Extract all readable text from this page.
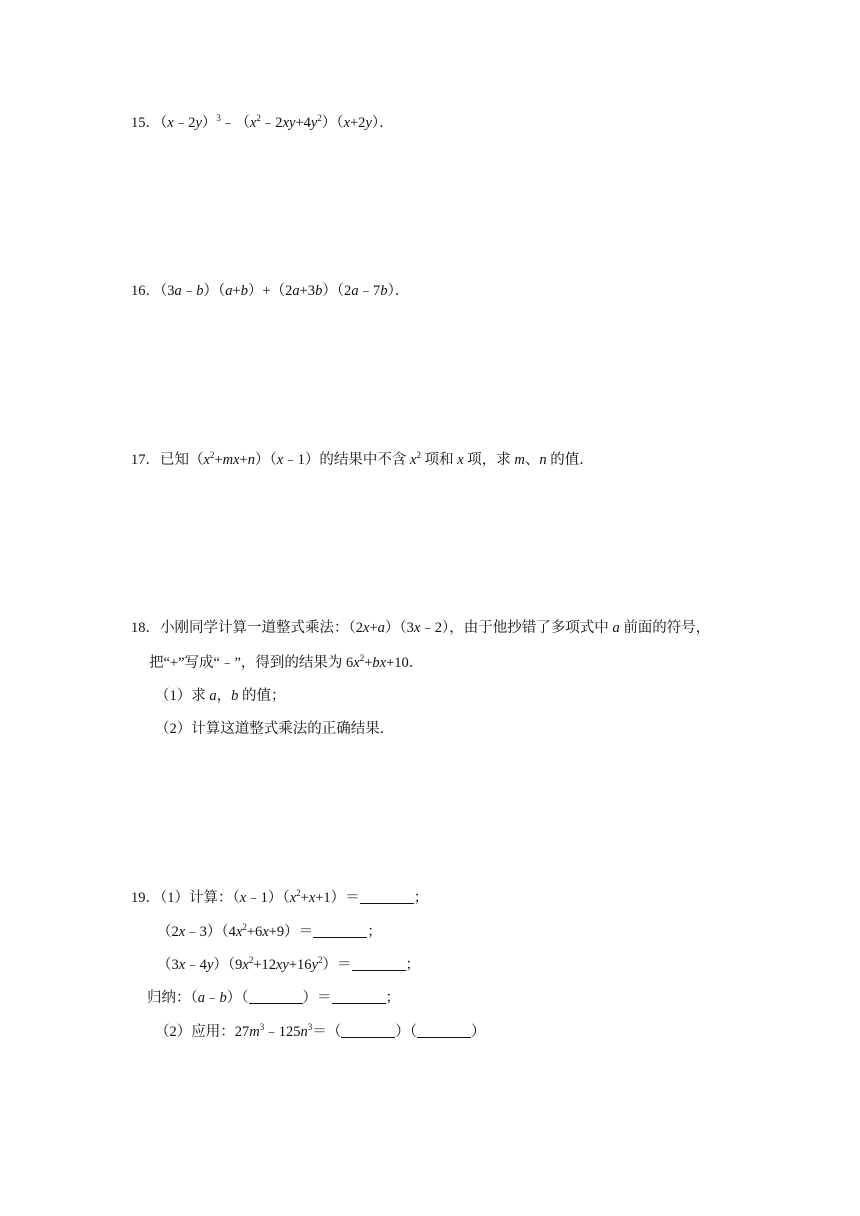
15．$(x﹣2y)^3﹣(x^2﹣2xy+4y^2)(x+2y)$．
16．（3a﹣b）（a+b）+（2a+3b）（2a﹣7b）．
17．已知$(x^2+mx+n)(x﹣1)$的结果中不含 $x^2$ 项和 x 项，求 m、n 的值．
18．小刚同学计算一道整式乘法：（2x+a）（3x﹣2），由于他抄错了多项式中 a 前面的符号，
把“+”写成“﹣”，得到的结果为 $6x^2+bx+10$．
（1）求 a，b 的值；
（2）计算这道整式乘法的正确结果．
19．（1）计算：$(x﹣1)(x^2+x+1)=$	；
$(2x﹣3)(4x^2+6x+9)=$	；
$(3x﹣4y)(9x^2+12xy+16y^2)=$	；
归纳：（a﹣b）（	）＝	；
（2）应用：$27m^3﹣125n^3=$（	）（	）
